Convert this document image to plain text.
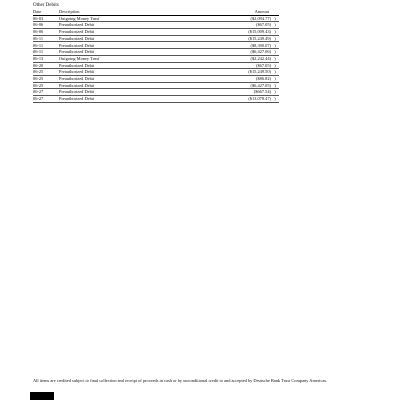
Other Debits
Date	Description	Amount	
06-03	Outgoing Money Trnsf	($2,094.77)	)
06-06	Preauthorized Debit	($67.05)	)
06-06	Preauthorized Debit	($15,009.43)	)
06-11	Preauthorized Debit	($15,249.49)	)
06-11	Preauthorized Debit	($8,390.07)	)
06-11	Preauthorized Debit	($6,427.06)	)
06-13	Outgoing Money Trnsf	($2,242.44)	)
06-20	Preauthorized Debit	($67.05)	)
06-25	Preauthorized Debit	($15,249.50)	)
06-25	Preauthorized Debit	($86.82)	)
06-25	Preauthorized Debit	($6,427.05)	)
06-27	Preauthorized Debit	($667.54)	)
06-27	Preauthorized Debit	($13,078.47)	)
All items are credited subject to final collection and receipt of proceeds in cash or by unconditional credit to and accepted by Deutsche Bank Trust Company Americas.
